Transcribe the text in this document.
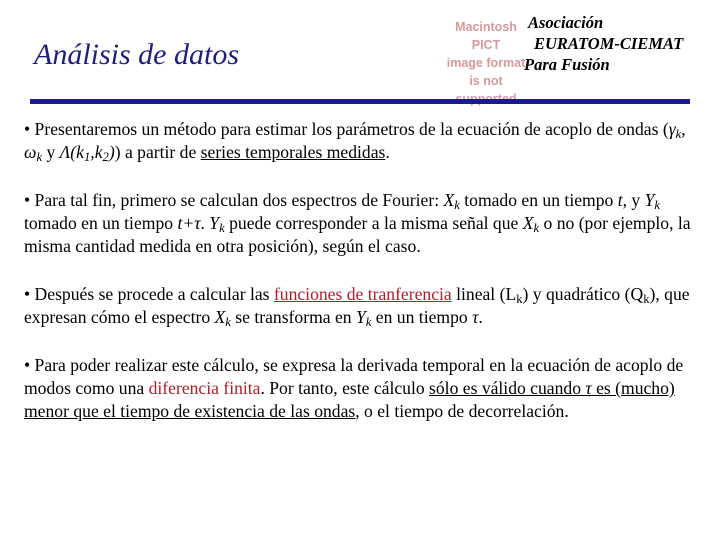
Análisis de datos
Macintosh PICT
image format
is not
Asociación
EURATOM-CIEMAT
Para Fusión

• Presentaremos un método para estimar los parámetros de la ecuación de acoplo de ondas ($\gamma_k$, $\omega_k$ y $\Lambda(k_1,k_2)$) a partir de series temporales medidas.

• Para tal fin, primero se calculan dos espectros de Fourier: $X_k$ tomado en un tiempo t, y $Y_k$ tomado en un tiempo t+τ. $Y_k$ puede corresponder a la misma señal que $X_k$ o no (por ejemplo, la misma cantidad medida en otra posición), según el caso.

• Después se procede a calcular las funciones de tranferencia lineal $(L_k)$ y quadrático $(Q_k)$, que expresan cómo el espectro $X_k$ se transforma en $Y_k$ en un tiempo τ.

• Para poder realizar este cálculo, se expresa la derivada temporal en la ecuación de acoplo de modos como una diferencia finita. Por tanto, este cálculo sólo es válido cuando τ es (mucho) menor que el tiempo de existencia de las ondas, o el tiempo de decorrelación.
